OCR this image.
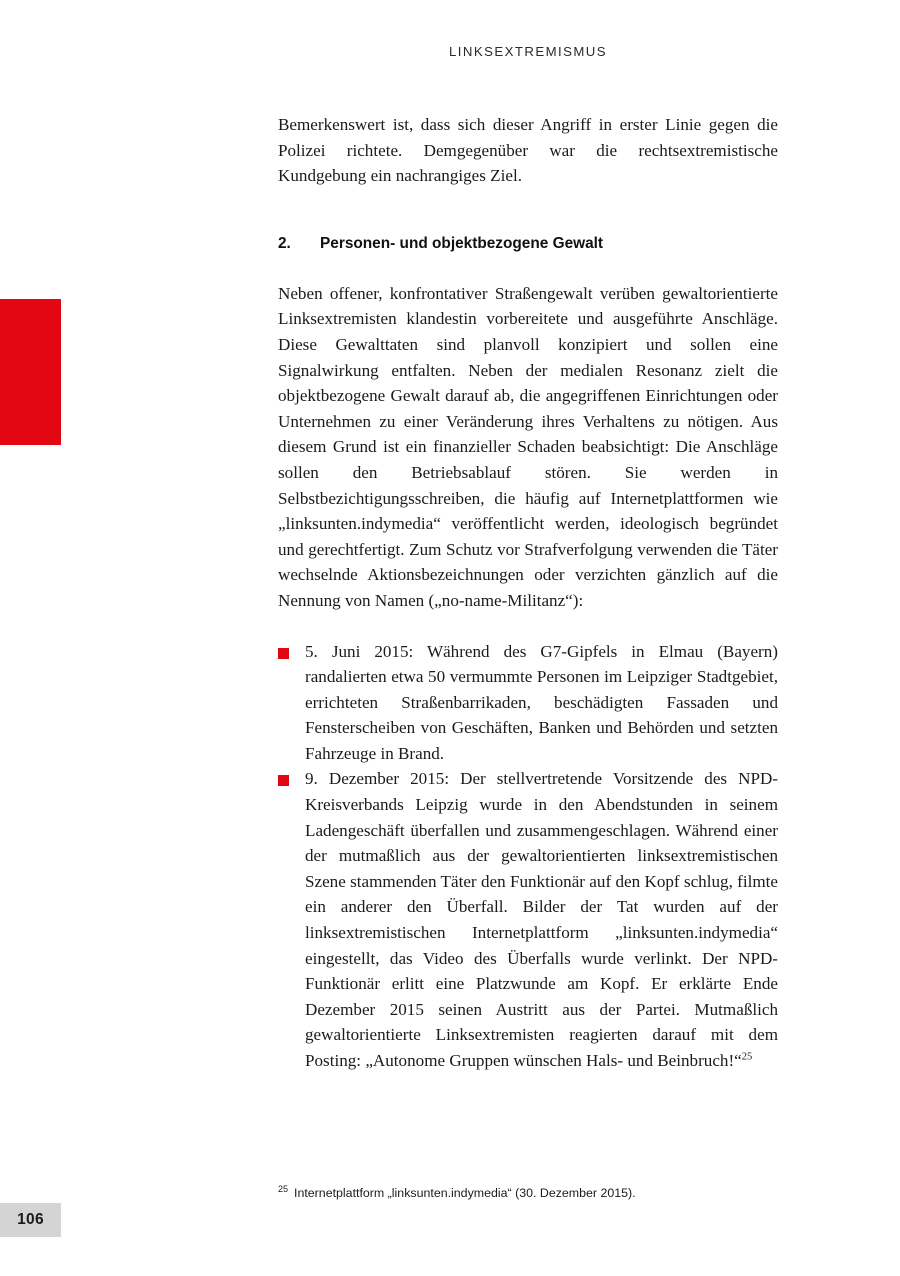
106
LINKSEXTREMISMUS

Bemerkenswert ist, dass sich dieser Angriff in erster Linie gegen die Polizei richtete. Demgegenüber war die rechtsextremistische Kundgebung ein nachrangiges Ziel.

2.	Personen- und objektbezogene Gewalt

Neben offener, konfrontativer Straßengewalt verüben gewaltorientierte Linksextremisten klandestin vorbereitete und ausgeführte Anschläge. Diese Gewalttaten sind planvoll konzipiert und sollen eine Signalwirkung entfalten. Neben der medialen Resonanz zielt die objektbezogene Gewalt darauf ab, die angegriffenen Einrichtungen oder Unternehmen zu einer Veränderung ihres Verhaltens zu nötigen. Aus diesem Grund ist ein finanzieller Schaden beabsichtigt: Die Anschläge sollen den Betriebsablauf stören. Sie werden in Selbstbezichtigungsschreiben, die häufig auf Internetplattformen wie „linksunten.indymedia“ veröffentlicht werden, ideologisch begründet und gerechtfertigt. Zum Schutz vor Strafverfolgung verwenden die Täter wechselnde Aktionsbezeichnungen oder verzichten gänzlich auf die Nennung von Namen („no-name-Militanz“):

5. Juni 2015: Während des G7-Gipfels in Elmau (Bayern) randalierten etwa 50 vermummte Personen im Leipziger Stadtgebiet, errichteten Straßenbarrikaden, beschädigten Fassaden und Fensterscheiben von Geschäften, Banken und Behörden und setzten Fahrzeuge in Brand.
9. Dezember 2015: Der stellvertretende Vorsitzende des NPD-Kreisverbands Leipzig wurde in den Abendstunden in seinem Ladengeschäft überfallen und zusammengeschlagen. Während einer der mutmaßlich aus der gewaltorientierten linksextremistischen Szene stammenden Täter den Funktionär auf den Kopf schlug, filmte ein anderer den Überfall. Bilder der Tat wurden auf der linksextremistischen Internetplattform „linksunten.indymedia“ eingestellt, das Video des Überfalls wurde verlinkt. Der NPD-Funktionär erlitt eine Platzwunde am Kopf. Er erklärte Ende Dezember 2015 seinen Austritt aus der Partei. Mutmaßlich gewaltorientierte Linksextremisten reagierten darauf mit dem Posting: „Autonome Gruppen wünschen Hals- und Beinbruch!“$^{25}$
25 Internetplattform „linksunten.indymedia“ (30. Dezember 2015).
